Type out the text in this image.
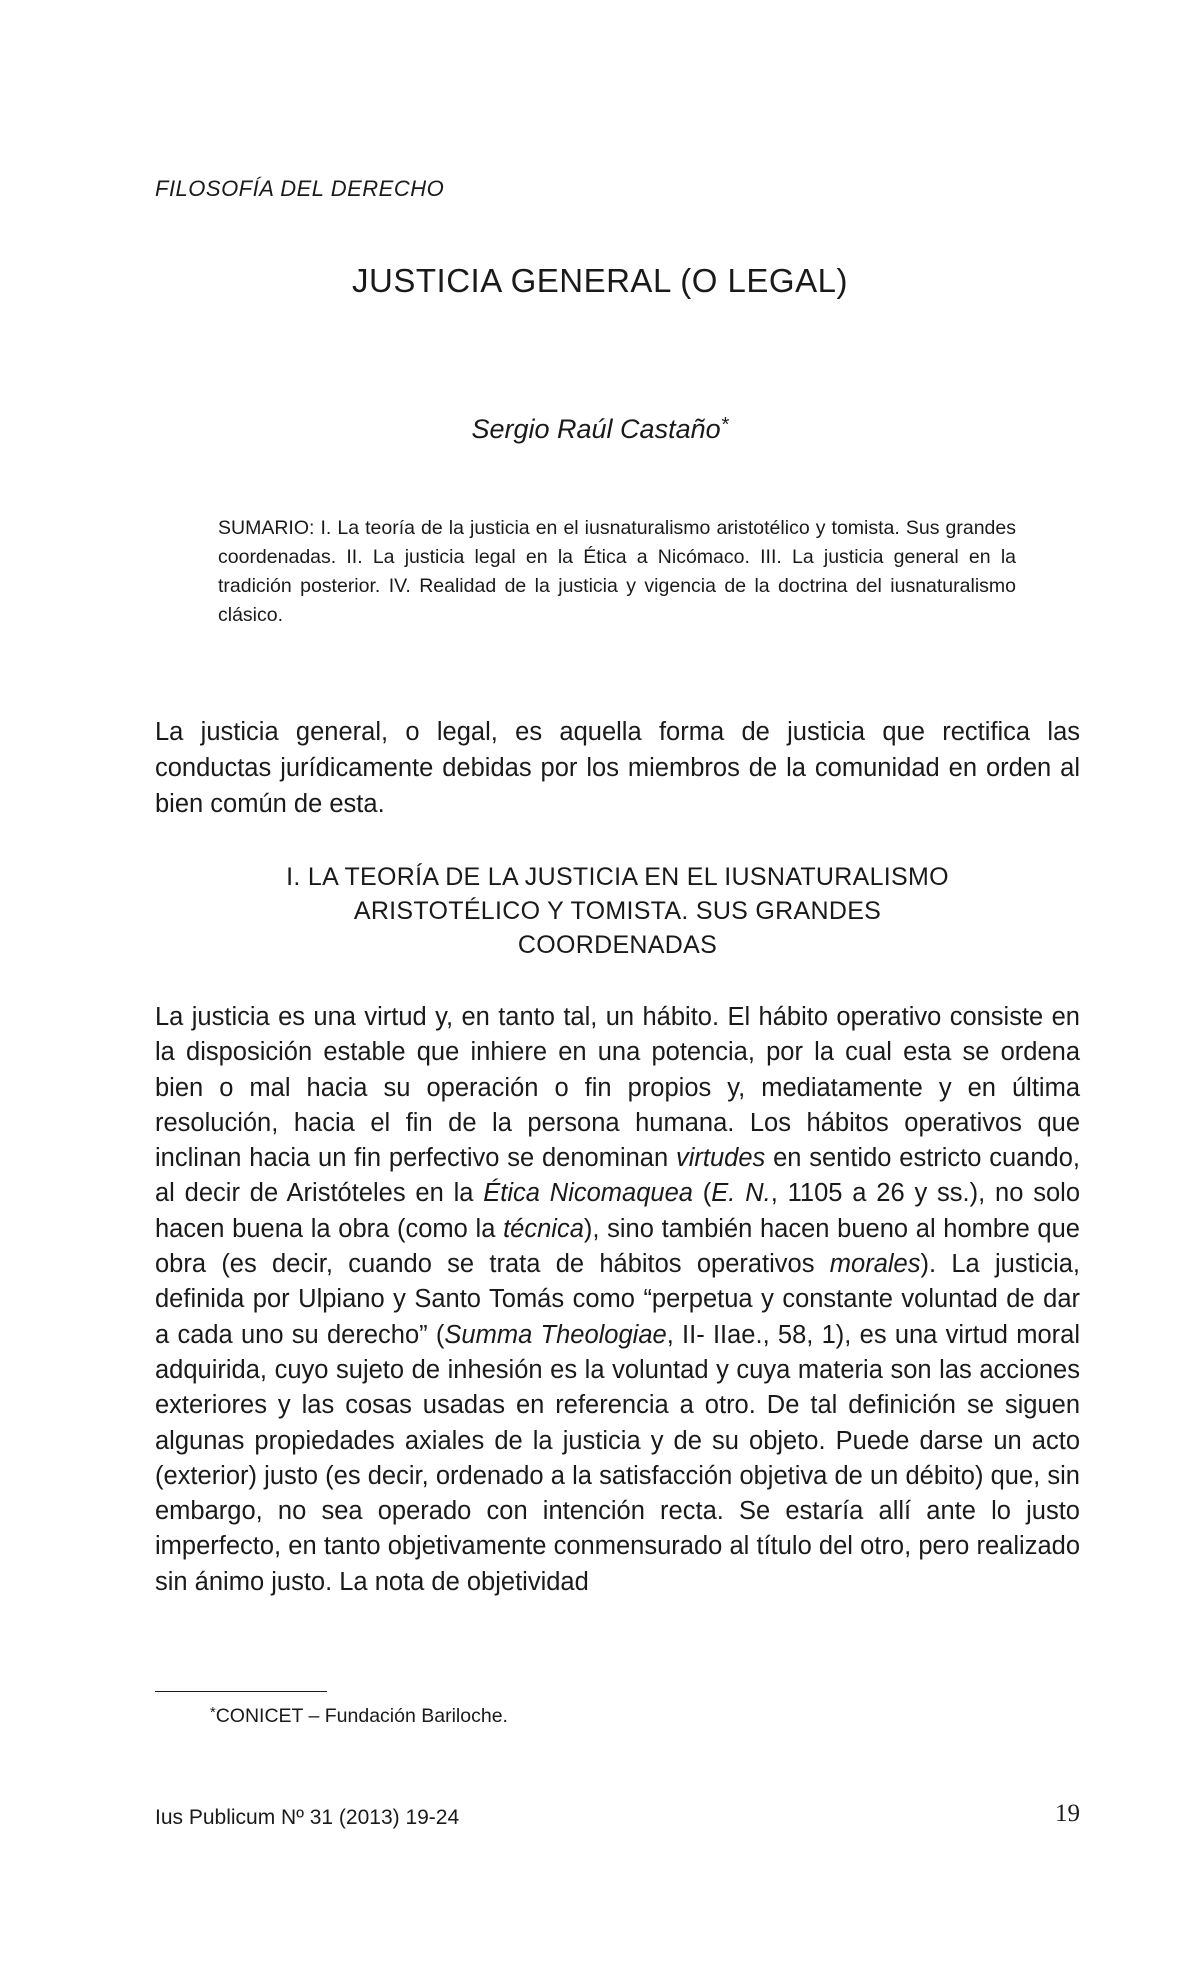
FILOSOFÍA DEL DERECHO
JUSTICIA GENERAL (O LEGAL)
Sergio Raúl Castaño*
SUMARIO: I. La teoría de la justicia en el iusnaturalismo aristotélico y tomista. Sus grandes coordenadas. II. La justicia legal en la Ética a Nicómaco. III. La justicia general en la tradición posterior. IV. Realidad de la justicia y vigencia de la doctrina del iusnaturalismo clásico.
La justicia general, o legal, es aquella forma de justicia que rectifica las conductas jurídicamente debidas por los miembros de la comunidad en orden al bien común de esta.
I. LA TEORÍA DE LA JUSTICIA EN EL IUSNATURALISMO
ARISTOTÉLICO Y TOMISTA. SUS GRANDES
COORDENADAS
La justicia es una virtud y, en tanto tal, un hábito. El hábito operativo consiste en la disposición estable que inhiere en una potencia, por la cual esta se ordena bien o mal hacia su operación o fin propios y, mediatamente y en última resolución, hacia el fin de la persona humana. Los hábitos operativos que inclinan hacia un fin perfectivo se denominan virtudes en sentido estricto cuando, al decir de Aristóteles en la Ética Nicomaquea (E. N., 1105 a 26 y ss.), no solo hacen buena la obra (como la técnica), sino también hacen bueno al hombre que obra (es decir, cuando se trata de hábitos operativos morales). La justicia, definida por Ulpiano y Santo Tomás como “perpetua y constante voluntad de dar a cada uno su derecho” (Summa Theologiae, II- IIae., 58, 1), es una virtud moral adquirida, cuyo sujeto de inhesión es la voluntad y cuya materia son las acciones exteriores y las cosas usadas en referencia a otro. De tal definición se siguen algunas propiedades axiales de la justicia y de su objeto. Puede darse un acto (exterior) justo (es decir, ordenado a la satisfacción objetiva de un débito) que, sin embargo, no sea operado con intención recta. Se estaría allí ante lo justo imperfecto, en tanto objetivamente conmensurado al título del otro, pero realizado sin ánimo justo. La nota de objetividad
*CONICET – Fundación Bariloche.
Ius Publicum Nº 31 (2013) 19-24	19
